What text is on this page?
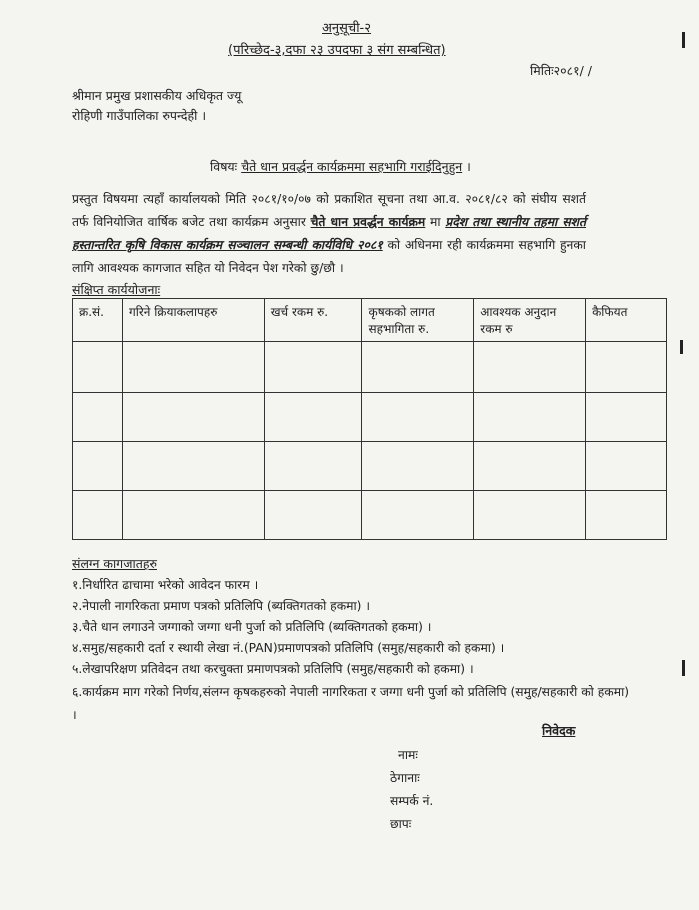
अनुसूची-२
(परिच्छेद-३,दफा २३ उपदफा ३ संग सम्बन्धित)
मितिः२०८१/ /
श्रीमान प्रमुख प्रशासकीय अधिकृत ज्यू
रोहिणी गाउँपालिका रुपन्देही ।
विषयः चैते धान प्रवर्द्धन कार्यक्रममा सहभागि गराईदिनुहुन ।
प्रस्तुत विषयमा त्यहाँ कार्यालयको मिति २०८१/१०/०७ को प्रकाशित सूचना तथा आ.व. २०८१/८२ को संघीय सशर्त तर्फ विनियोजित वार्षिक बजेट तथा कार्यक्रम अनुसार चैते धान प्रवर्द्धन कार्यक्रम मा प्रदेश तथा स्थानीय तहमा सशर्त हस्तान्तरित कृषि विकास कार्यक्रम सञ्चालन सम्बन्धी कार्यविधि २०८१ को अधिनमा रही कार्यक्रममा सहभागि हुनका लागि आवश्यक कागजात सहित यो निवेदन पेश गरेको छु/छौ ।
संक्षिप्त कार्ययोजनाः
क्र.सं.	गरिने क्रियाकलापहरु	खर्च रकम रु.	कृषकको लागत सहभागिता रु.	आवश्यक अनुदान रकम रु	कैफियत

संलग्न कागजातहरु
१.निर्धारित ढाचामा भरेको आवेदन फारम ।
२.नेपाली नागरिकता प्रमाण पत्रको प्रतिलिपि (ब्यक्तिगतको हकमा) ।
३.चैते धान लगाउने जग्गाको जग्गा धनी पुर्जा को प्रतिलिपि (ब्यक्तिगतको हकमा) ।
४.समुह/सहकारी दर्ता र स्थायी लेखा नं.(PAN)प्रमाणपत्रको प्रतिलिपि (समुह/सहकारी को हकमा) ।
५.लेखापरिक्षण प्रतिवेदन तथा करचुक्ता प्रमाणपत्रको प्रतिलिपि (समुह/सहकारी को हकमा) ।
६.कार्यक्रम माग गरेको निर्णय,संलग्न कृषकहरुको नेपाली नागरिकता र जग्गा धनी पुर्जा को प्रतिलिपि (समुह/सहकारी को हकमा) ।
निवेदक
नामः
ठेगानाः
सम्पर्क नं.
छापः
